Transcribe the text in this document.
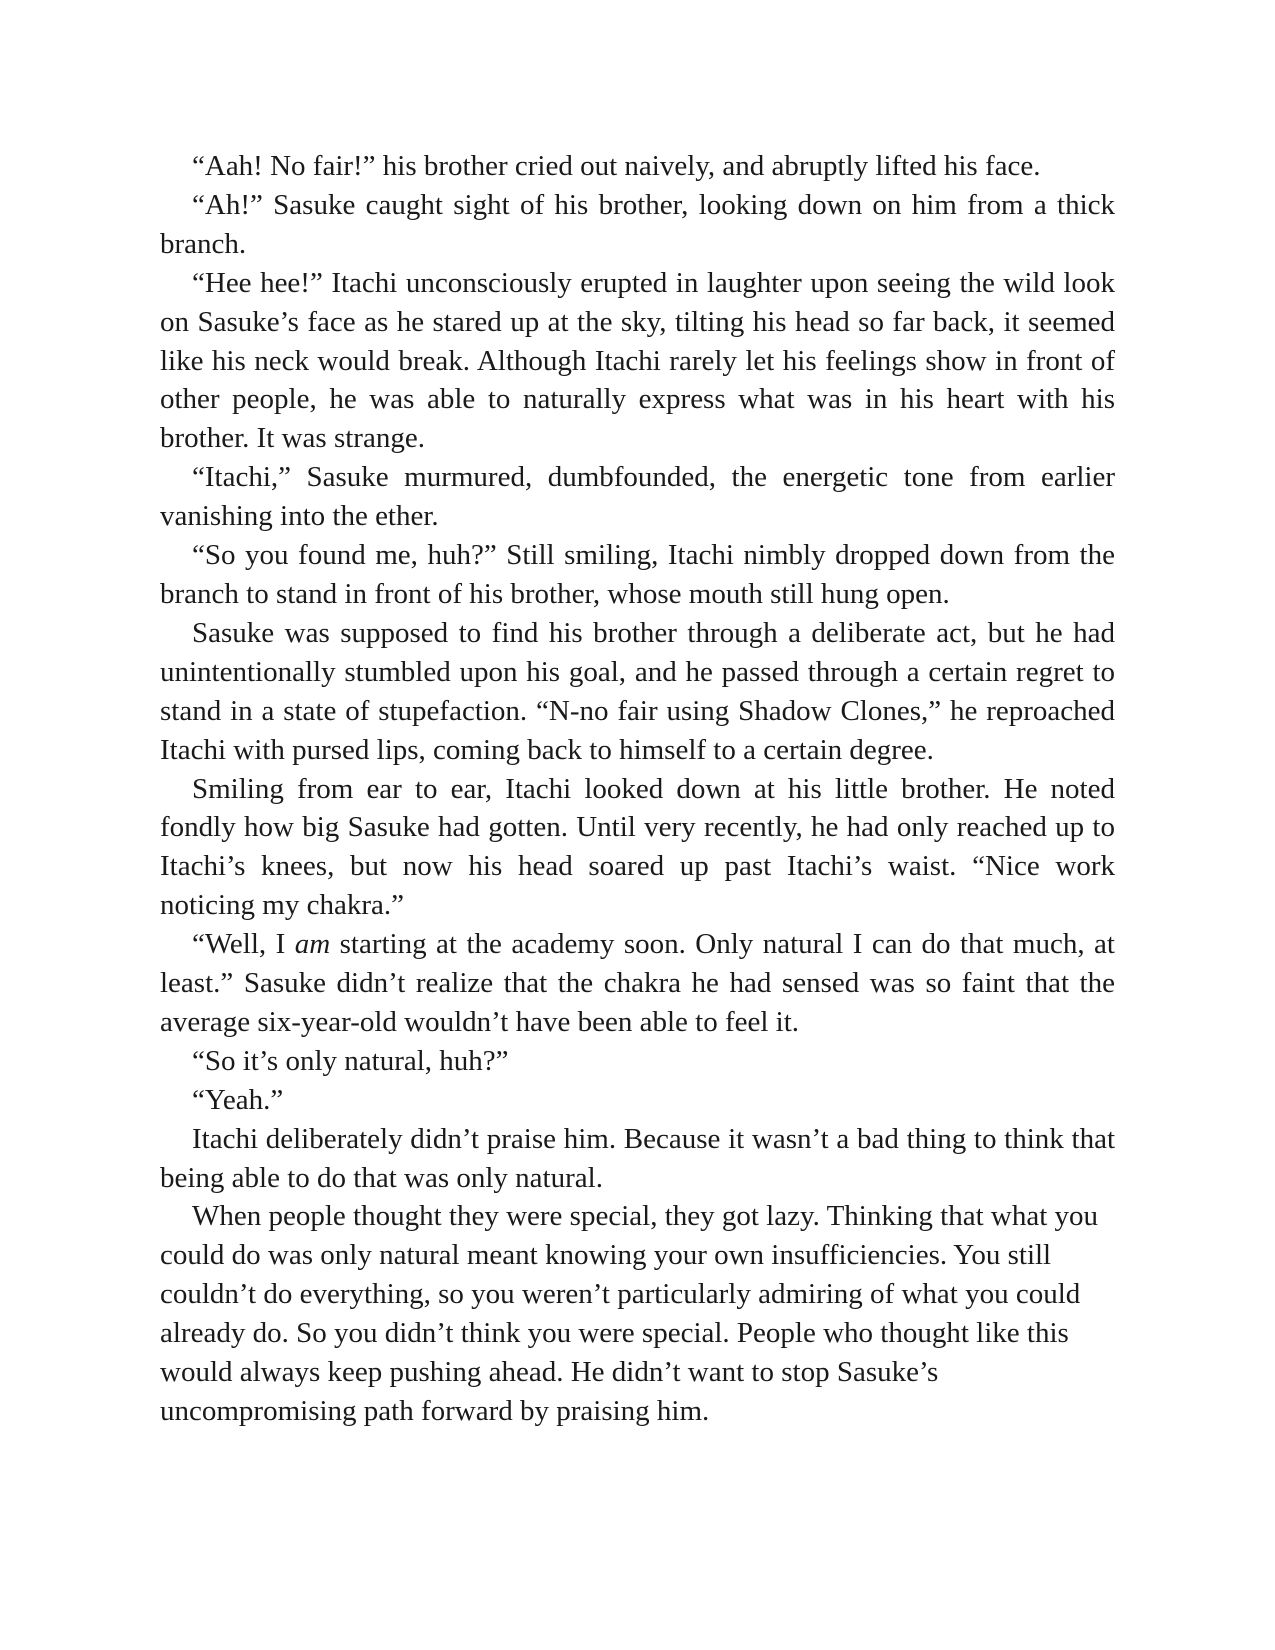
“Aah! No fair!” his brother cried out naively, and abruptly lifted his face.

“Ah!” Sasuke caught sight of his brother, looking down on him from a thick branch.

“Hee hee!” Itachi unconsciously erupted in laughter upon seeing the wild look on Sasuke’s face as he stared up at the sky, tilting his head so far back, it seemed like his neck would break. Although Itachi rarely let his feelings show in front of other people, he was able to naturally express what was in his heart with his brother. It was strange.

“Itachi,” Sasuke murmured, dumbfounded, the energetic tone from earlier vanishing into the ether.

“So you found me, huh?” Still smiling, Itachi nimbly dropped down from the branch to stand in front of his brother, whose mouth still hung open.

Sasuke was supposed to find his brother through a deliberate act, but he had unintentionally stumbled upon his goal, and he passed through a certain regret to stand in a state of stupefaction. “N-no fair using Shadow Clones,” he reproached Itachi with pursed lips, coming back to himself to a certain degree.

Smiling from ear to ear, Itachi looked down at his little brother. He noted fondly how big Sasuke had gotten. Until very recently, he had only reached up to Itachi’s knees, but now his head soared up past Itachi’s waist. “Nice work noticing my chakra.”

“Well, I am starting at the academy soon. Only natural I can do that much, at least.” Sasuke didn’t realize that the chakra he had sensed was so faint that the average six-year-old wouldn’t have been able to feel it.

“So it’s only natural, huh?”

“Yeah.”

Itachi deliberately didn’t praise him. Because it wasn’t a bad thing to think that being able to do that was only natural.

When people thought they were special, they got lazy. Thinking that what you could do was only natural meant knowing your own insufficiencies. You still couldn’t do everything, so you weren’t particularly admiring of what you could already do. So you didn’t think you were special. People who thought like this would always keep pushing ahead. He didn’t want to stop Sasuke’s uncompromising path forward by praising him.
